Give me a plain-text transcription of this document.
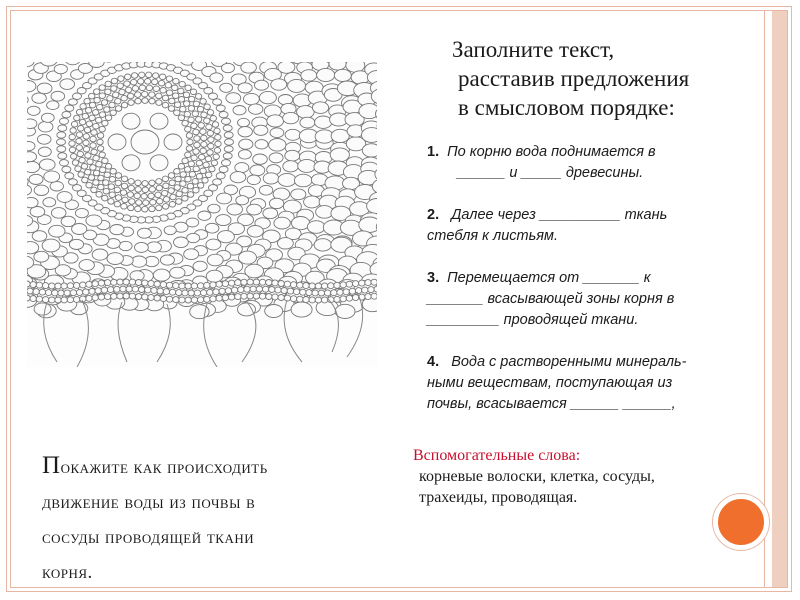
Заполните текст,
расставив предложения
в смысловом порядке:
1. По корню вода поднимается в
______ и _____ древесины.
2. Далее через __________ ткань
стебля к листьям.
3. Перемещается от _______ к
_______ всасывающей зоны корня в
_________ проводящей ткани.
4. Вода с растворенными минераль-
ными веществам, поступающая из
почвы, всасывается ______ ______,
Вспомогательные слова:
корневые волоски, клетка, сосуды,
трахеиды, проводящая.
Покажите как происходить
движение воды из почвы в
сосуды проводящей ткани
корня.
